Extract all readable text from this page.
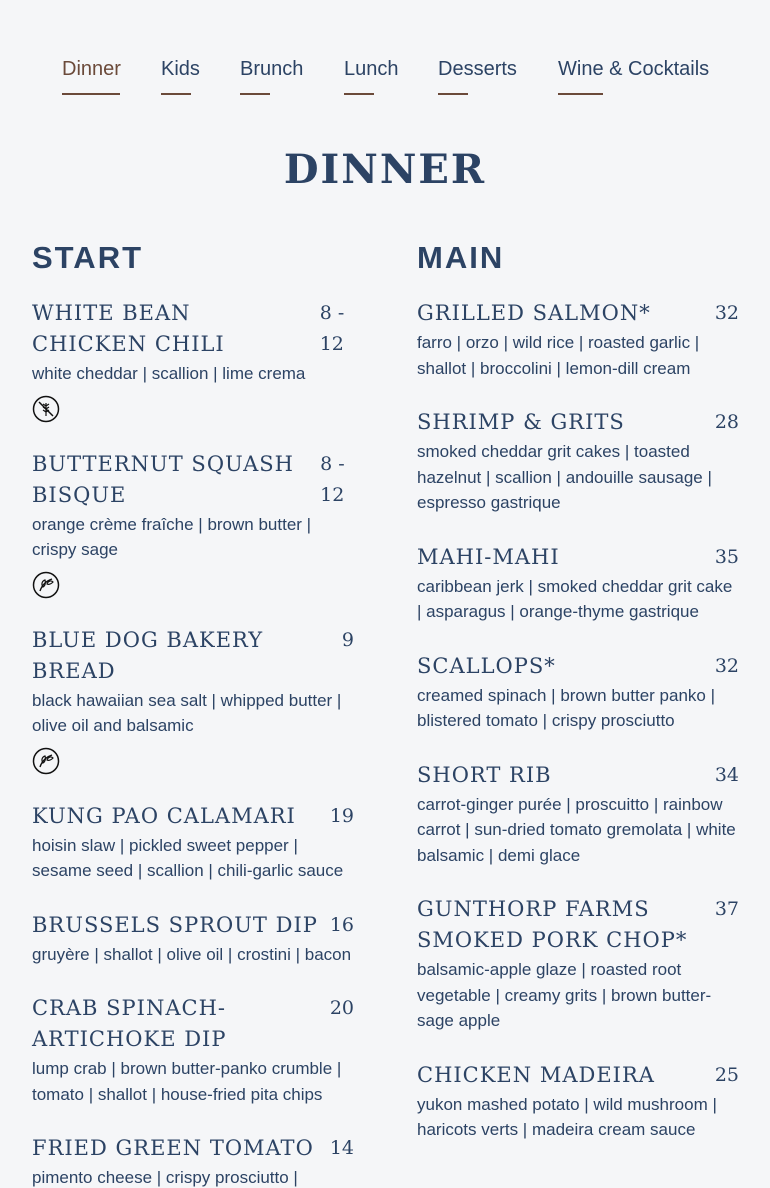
Dinner Kids Brunch Lunch Desserts Wine & Cocktails
DINNER
START
WHITE BEAN CHICKEN CHILI
8 - 12
white cheddar | scallion | lime crema
BUTTERNUT SQUASH BISQUE
8 - 12
orange crème fraîche | brown butter | crispy sage
BLUE DOG BAKERY BREAD
9
black hawaiian sea salt | whipped butter | olive oil and balsamic
KUNG PAO CALAMARI	19
hoisin slaw | pickled sweet pepper | sesame seed | scallion | chili-garlic sauce
BRUSSELS SPROUT DIP 16
gruyère | shallot | olive oil | crostini | bacon
CRAB SPINACH-ARTICHOKE DIP
20
lump crab | brown butter-panko crumble | tomato | shallot | house-fried pita chips
FRIED GREEN TOMATO 14
pimento cheese | crispy prosciutto |
MAIN
GRILLED SALMON*	32
farro | orzo | wild rice | roasted garlic | shallot | broccolini | lemon-dill cream
SHRIMP & GRITS	28
smoked cheddar grit cakes | toasted hazelnut | scallion | andouille sausage | espresso gastrique
MAHI-MAHI	35
caribbean jerk | smoked cheddar grit cake | asparagus | orange-thyme gastrique
SCALLOPS*	32
creamed spinach | brown butter panko | blistered tomato | crispy prosciutto
SHORT RIB	34
carrot-ginger purée | proscuitto | rainbow carrot | sun-dried tomato gremolata | white balsamic | demi glace
GUNTHORP FARMS SMOKED PORK CHOP*
37
balsamic-apple glaze | roasted root vegetable | creamy grits | brown butter-sage apple
CHICKEN MADEIRA	25
yukon mashed potato | wild mushroom | haricots verts | madeira cream sauce
